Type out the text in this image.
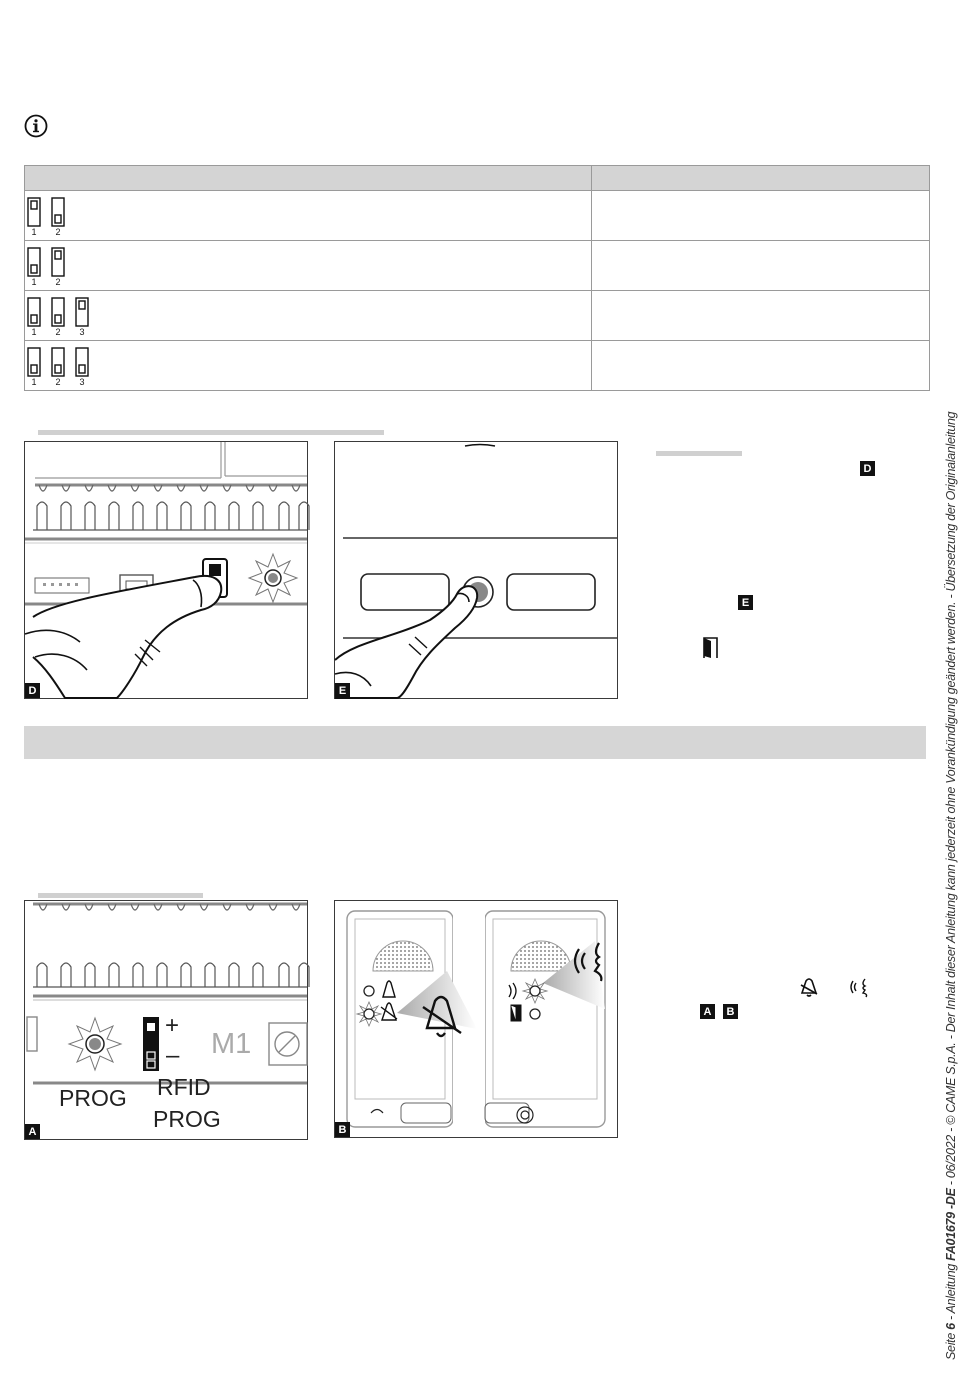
1 2	

1 2	

1 2 3	

1 2 3	

D	E
D
E
+
– M1
PROG RFID
PROG
A	B
A	B
Seite 6 - Anleitung FA01679 -DE - 06/2022 - © CAME S.p.A. - Der Inhalt dieser Anleitung kann jederzeit ohne Vorankündigung geändert werden. - Übersetzung der Originalanleitung
